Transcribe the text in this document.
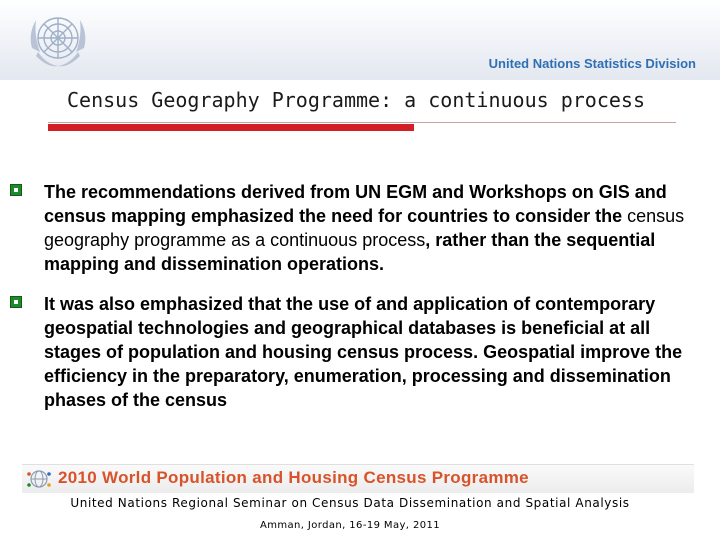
United Nations Statistics Division
Census Geography Programme: a continuous process
The recommendations derived from UN EGM and Workshops on GIS and census mapping emphasized the need for countries to consider the census geography programme as a continuous process, rather than the sequential mapping and dissemination operations.
It was also emphasized that the use of and application of contemporary geospatial technologies and geographical databases is beneficial at all stages of population and housing census process. Geospatial improve the efficiency in the preparatory, enumeration, processing and dissemination phases of the census
2010 World Population and Housing Census Programme
United Nations Regional Seminar on Census Data Dissemination and Spatial Analysis
Amman, Jordan, 16-19 May, 2011
